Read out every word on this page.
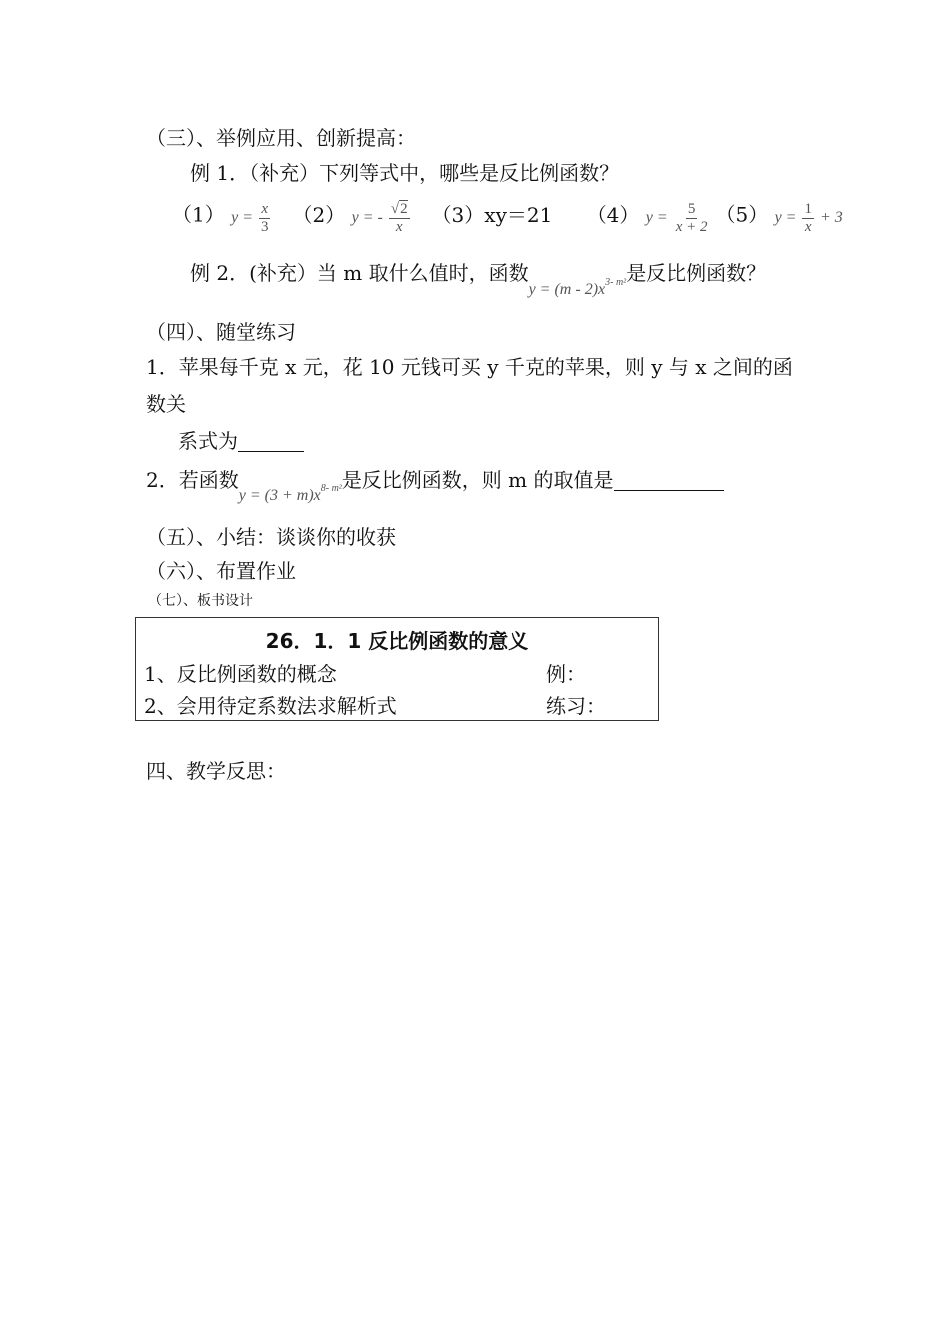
（三）、举例应用、创新提高：
例 1．（补充）下列等式中，哪些是反比例函数？
（1） $y = \frac{x}{3} (2) y$ = - $\frac{√2}{x} (3)xy=21$ （4） $y = \frac{5}{x + 2} (5) y = \frac{1}{x} + 3$
例 2．(补充）当 m 取什么值时，函数$_{y = (m - 2)x^{3- m^2}}$是反比例函数？
（四）、随堂练习
1．苹果每千克 x 元，花 10 元钱可买 y 千克的苹果，则 y 与 x 之间的函
数关
系式为
2．若函数$_{y = (3 + m)x^{8- m^2}}$是反比例函数，则 m 的取值是
（五）、小结：谈谈你的收获
（六）、布置作业
（七）、板书设计
26．1．1 反比例函数的意义
1、反比例函数的概念	例：
2、会用待定系数法求解析式	练习：
四、教学反思：
